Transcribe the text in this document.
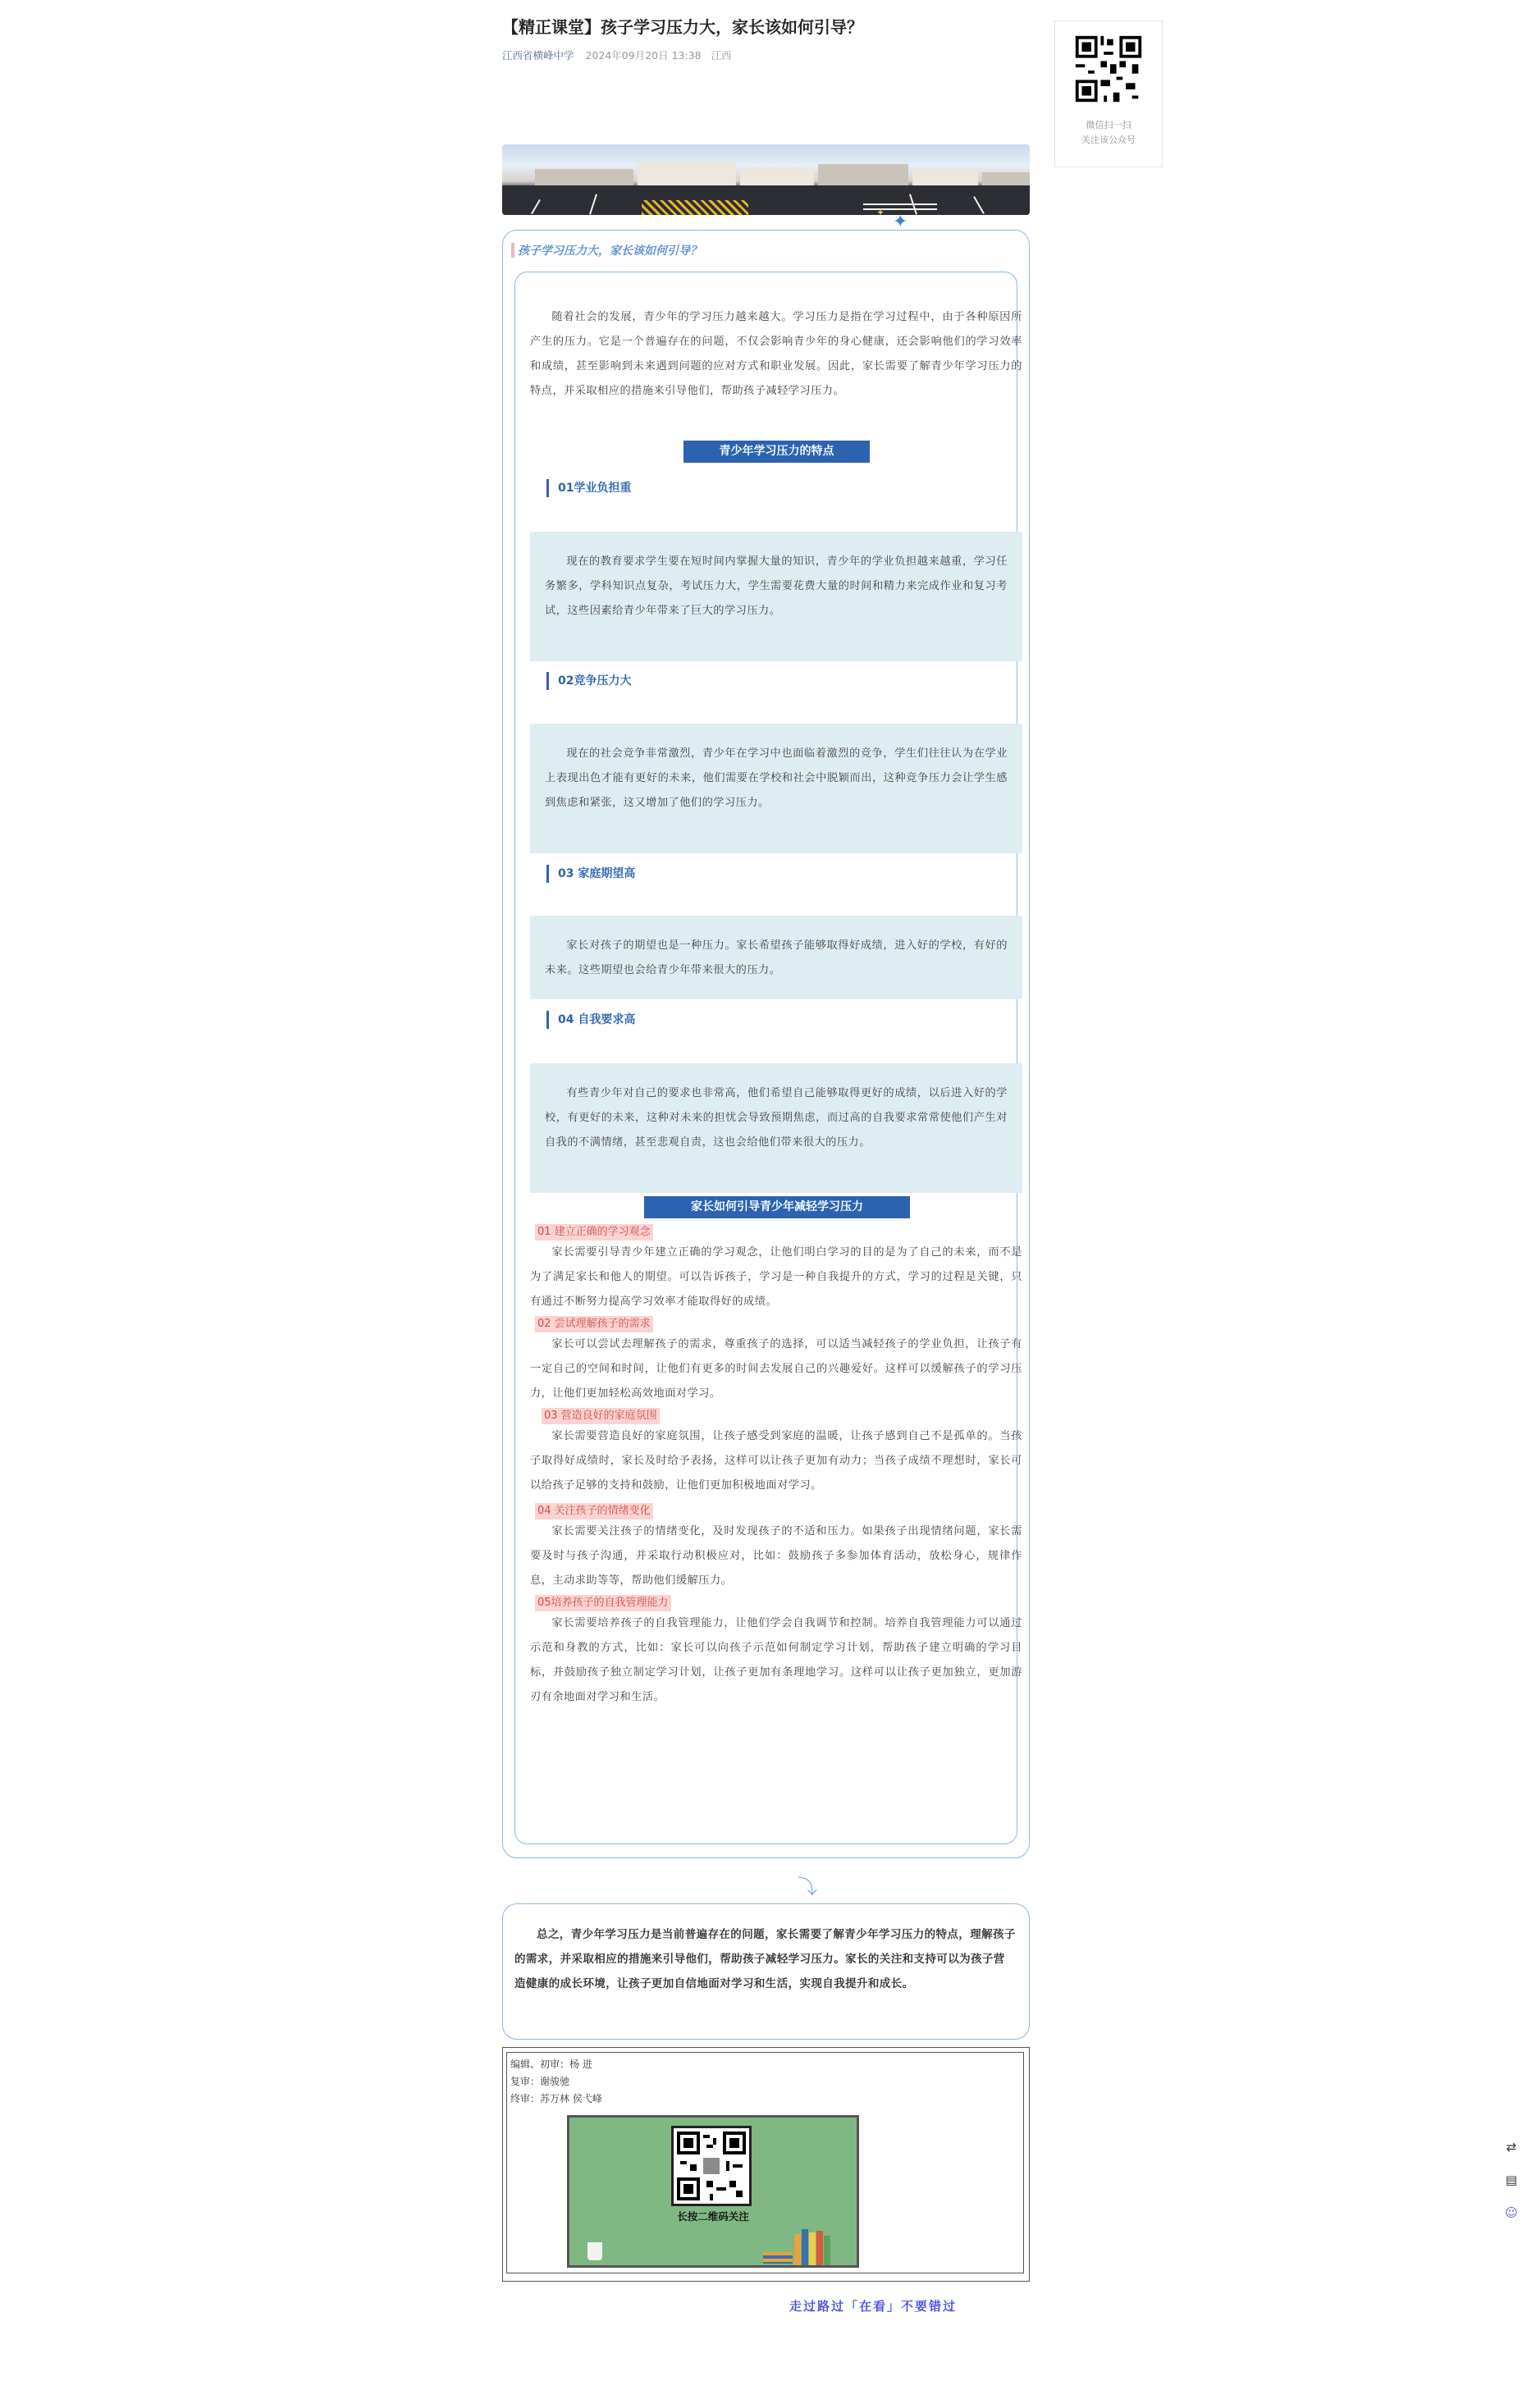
【精正课堂】孩子学习压力大，家长该如何引导？
江西省横峰中学 2024年09月20日 13:38 江西
✦ ✦
孩子学习压力大，家长该如何引导？

随着社会的发展，青少年的学习压力越来越大。学习压力是指在学习过程中，由于各种原因所产生的压力。它是一个普遍存在的问题，不仅会影响青少年的身心健康，还会影响他们的学习效率和成绩，甚至影响到未来遇到问题的应对方式和职业发展。因此，家长需要了解青少年学习压力的特点，并采取相应的措施来引导他们，帮助孩子减轻学习压力。

青少年学习压力的特点
01学业负担重

现在的教育要求学生要在短时间内掌握大量的知识，青少年的学业负担越来越重，学习任务繁多，学科知识点复杂，考试压力大，学生需要花费大量的时间和精力来完成作业和复习考试，这些因素给青少年带来了巨大的学习压力。

02竞争压力大

现在的社会竞争非常激烈，青少年在学习中也面临着激烈的竞争，学生们往往认为在学业上表现出色才能有更好的未来，他们需要在学校和社会中脱颖而出，这种竞争压力会让学生感到焦虑和紧张，这又增加了他们的学习压力。

03 家庭期望高

家长对孩子的期望也是一种压力。家长希望孩子能够取得好成绩，进入好的学校，有好的未来。这些期望也会给青少年带来很大的压力。

04 自我要求高

有些青少年对自己的要求也非常高，他们希望自己能够取得更好的成绩，以后进入好的学校，有更好的未来，这种对未来的担忧会导致预期焦虑，而过高的自我要求常常使他们产生对自我的不满情绪，甚至悲观自责，这也会给他们带来很大的压力。

家长如何引导青少年减轻学习压力
01 建立正确的学习观念

家长需要引导青少年建立正确的学习观念，让他们明白学习的目的是为了自己的未来，而不是为了满足家长和他人的期望。可以告诉孩子，学习是一种自我提升的方式，学习的过程是关键，只有通过不断努力提高学习效率才能取得好的成绩。

02 尝试理解孩子的需求

家长可以尝试去理解孩子的需求，尊重孩子的选择，可以适当减轻孩子的学业负担，让孩子有一定自己的空间和时间，让他们有更多的时间去发展自己的兴趣爱好。这样可以缓解孩子的学习压力，让他们更加轻松高效地面对学习。

03 营造良好的家庭氛围

家长需要营造良好的家庭氛围，让孩子感受到家庭的温暖，让孩子感到自己不是孤单的。当孩子取得好成绩时，家长及时给予表扬，这样可以让孩子更加有动力；当孩子成绩不理想时，家长可以给孩子足够的支持和鼓励，让他们更加积极地面对学习。

04 关注孩子的情绪变化

家长需要关注孩子的情绪变化，及时发现孩子的不适和压力。如果孩子出现情绪问题，家长需要及时与孩子沟通，并采取行动积极应对，比如：鼓励孩子多参加体育活动，放松身心，规律作息，主动求助等等，帮助他们缓解压力。

05培养孩子的自我管理能力

家长需要培养孩子的自我管理能力，让他们学会自我调节和控制。培养自我管理能力可以通过示范和身教的方式，比如：家长可以向孩子示范如何制定学习计划，帮助孩子建立明确的学习目标，并鼓励孩子独立制定学习计划，让孩子更加有条理地学习。这样可以让孩子更加独立，更加游刃有余地面对学习和生活。

⤵

总之，青少年学习压力是当前普遍存在的问题，家长需要了解青少年学习压力的特点，理解孩子的需求，并采取相应的措施来引导他们，帮助孩子减轻学习压力。家长的关注和支持可以为孩子营造健康的成长环境，让孩子更加自信地面对学习和生活，实现自我提升和成长。

编辑、初审：杨 进
复审：谢骏驰
终审：苏万林 侯弋峰
长按二维码关注
走过路过「在看」不要错过
微信扫一扫
关注该公众号
⇄
▤
☺
